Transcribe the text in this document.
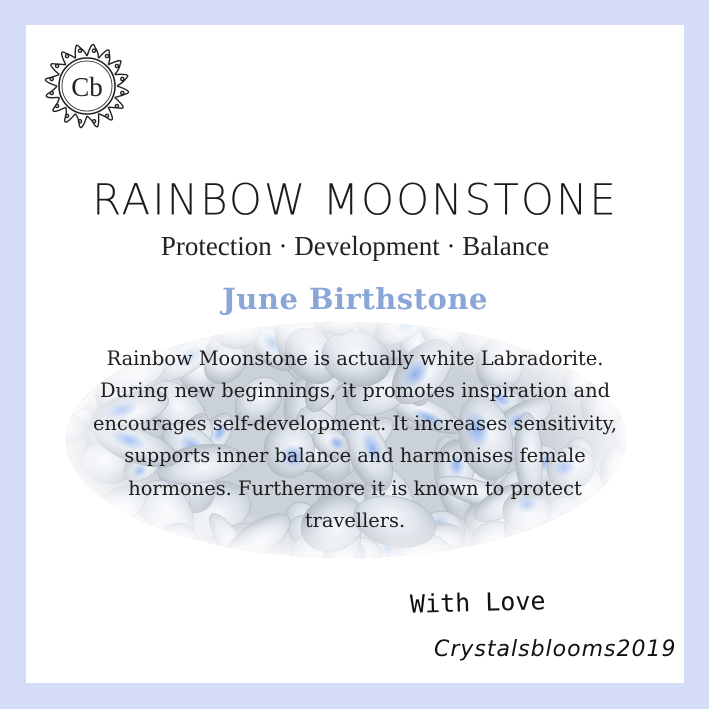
Cb
RAINBOW MOONSTONE
Protection · Development · Balance
June Birthstone
Rainbow Moonstone is actually white Labradorite.
During new beginnings, it promotes inspiration and
encourages self-development. It increases sensitivity,
supports inner balance and harmonises female
hormones. Furthermore it is known to protect
travellers.
With Love
Crystalsblooms2019
